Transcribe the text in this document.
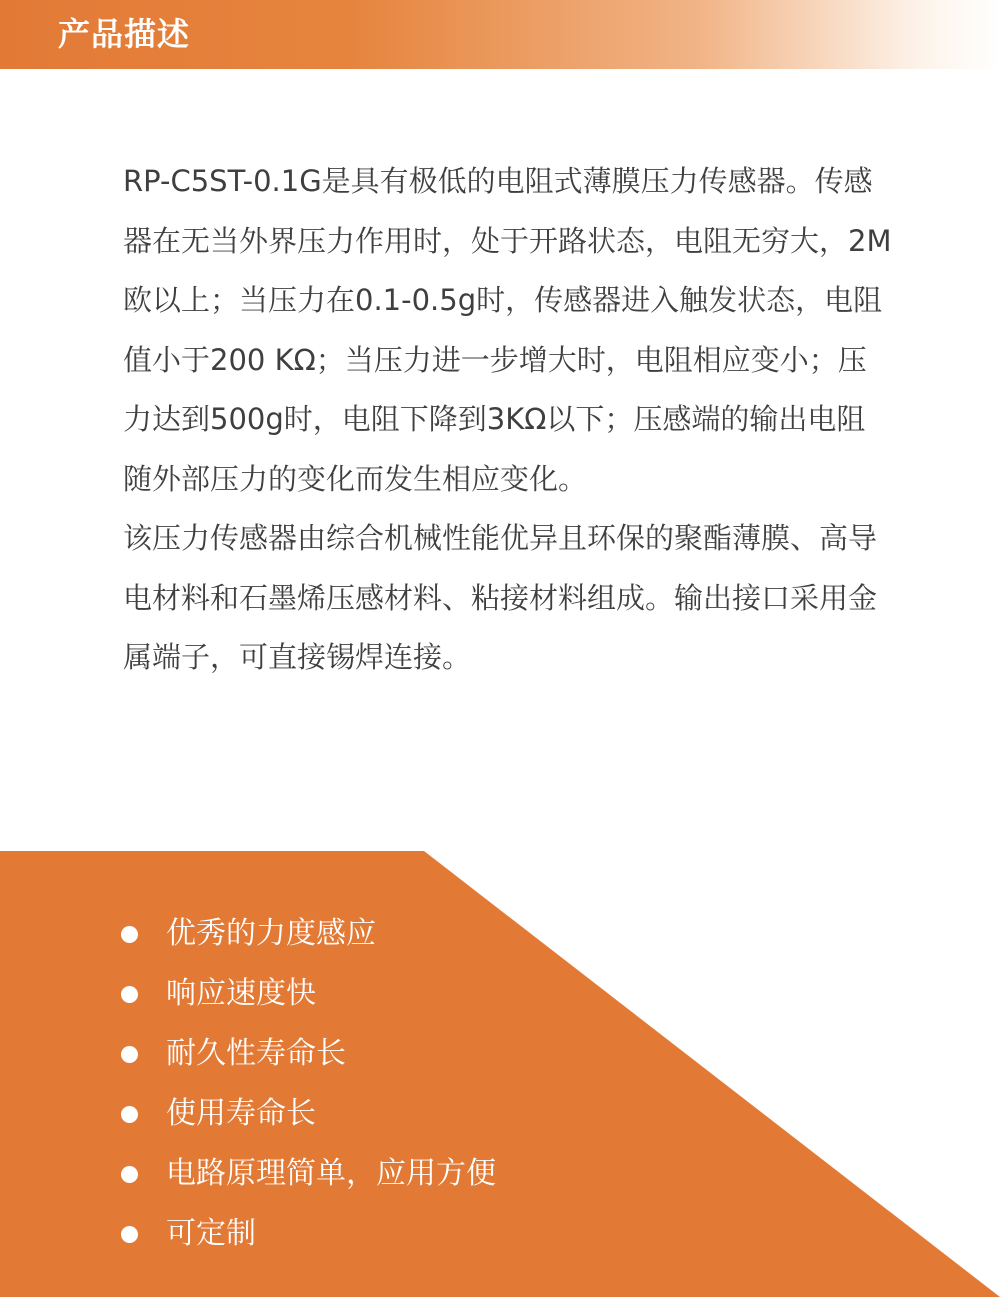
产品描述

RP-C5ST-0.1G是具有极低的电阻式薄膜压力传感器。传感器在无当外界压力作用时，处于开路状态，电阻无穷大，2M欧以上；当压力在0.1-0.5g时，传感器进入触发状态，电阻值小于200 KΩ；当压力进一步增大时，电阻相应变小；压力达到500g时，电阻下降到3KΩ以下；压感端的输出电阻随外部压力的变化而发生相应变化。

该压力传感器由综合机械性能优异且环保的聚酯薄膜、高导电材料和石墨烯压感材料、粘接材料组成。输出接口采用金属端子，可直接锡焊连接。

优秀的力度感应
响应速度快
耐久性寿命长
使用寿命长
电路原理简单，应用方便
可定制
